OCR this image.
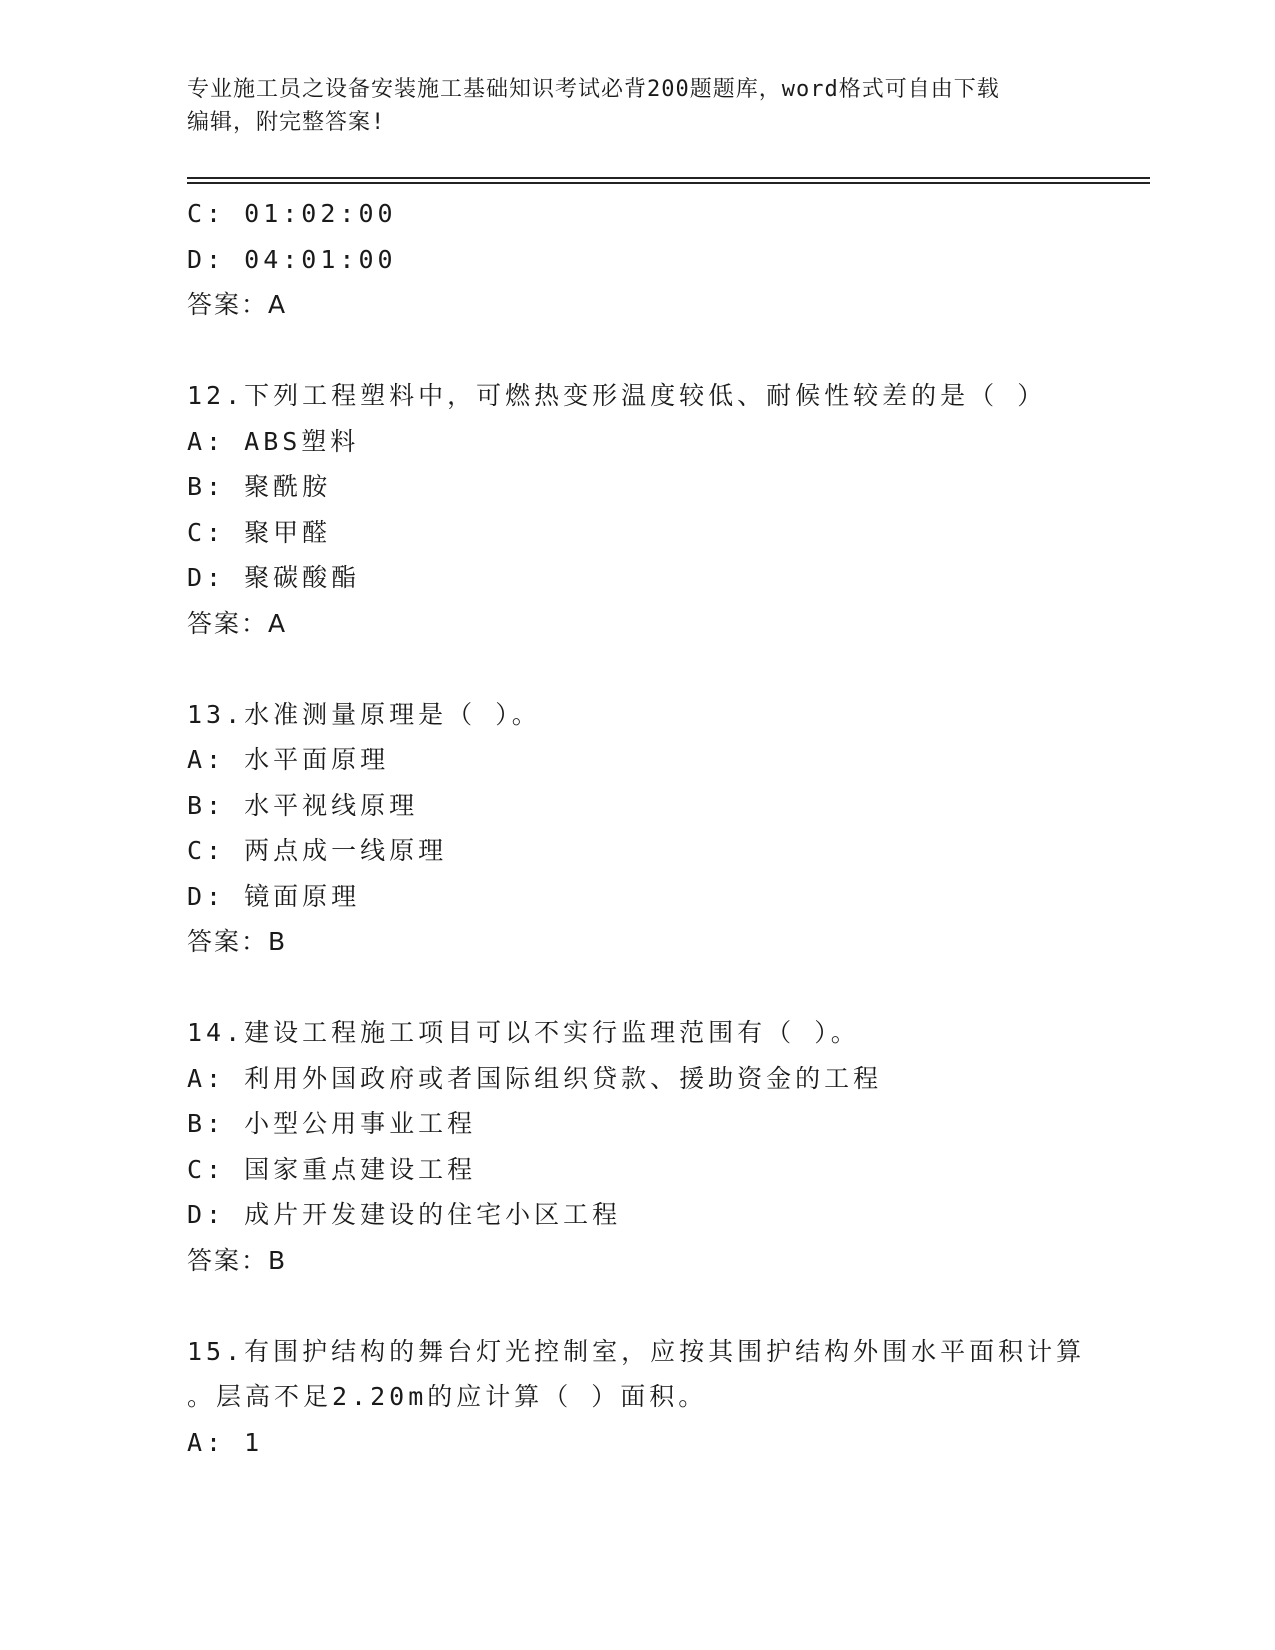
专业施工员之设备安装施工基础知识考试必背200题题库，word格式可自由下载
编辑，附完整答案!
C: 01:02:00
D: 04:01:00
答案：A
12.下列工程塑料中，可燃热变形温度较低、耐候性较差的是（ ）
A: ABS塑料
B: 聚酰胺
C: 聚甲醛
D: 聚碳酸酯
答案：A
13.水准测量原理是（ ）。
A: 水平面原理
B: 水平视线原理
C: 两点成一线原理
D: 镜面原理
答案：B
14.建设工程施工项目可以不实行监理范围有（ ）。
A: 利用外国政府或者国际组织贷款、援助资金的工程
B: 小型公用事业工程
C: 国家重点建设工程
D: 成片开发建设的住宅小区工程
答案：B
15.有围护结构的舞台灯光控制室，应按其围护结构外围水平面积计算
。层高不足2.20m的应计算（ ）面积。
A: 1
